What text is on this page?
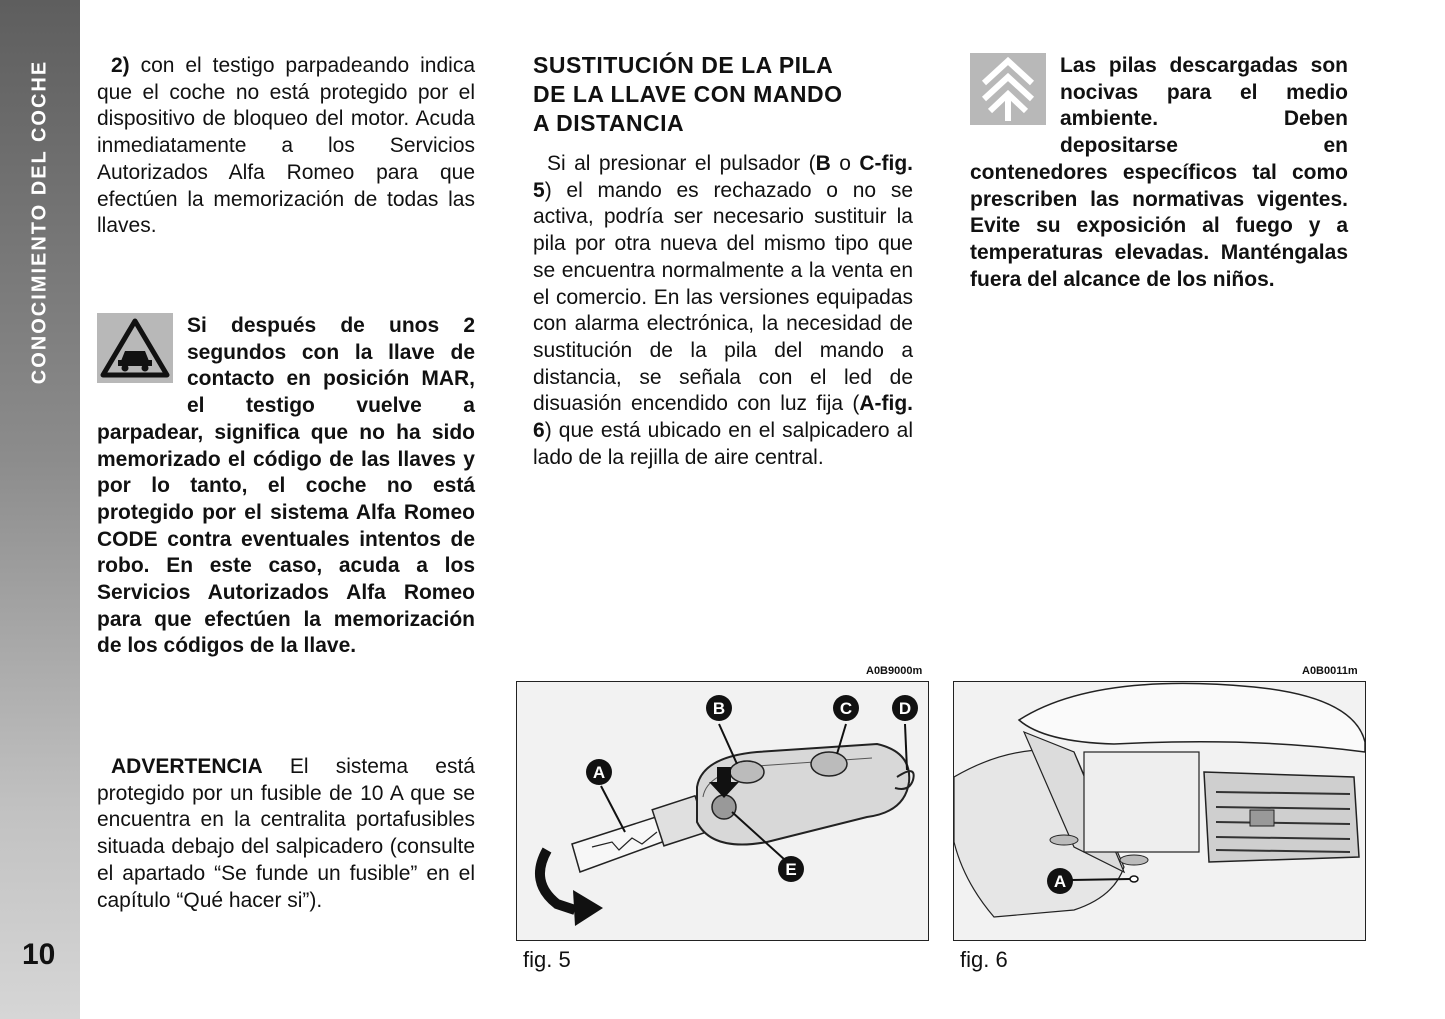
CONOCIMIENTO DEL COCHE
10

2) con el testigo parpadeando indica que el coche no está protegido por el dispositivo de bloqueo del motor. Acuda inmediatamente a los Servicios Autorizados Alfa Romeo para que efectúen la memorización de todas las llaves.

Si después de unos 2 segundos con la llave de contacto en posición MAR, el testigo vuelve a parpadear, significa que no ha sido memorizado el código de las llaves y por lo tanto, el coche no está protegido por el sistema Alfa Romeo CODE contra eventuales intentos de robo. En este caso, acuda a los Servicios Autorizados Alfa Romeo para que efectúen la memorización de los códigos de la llave.

ADVERTENCIA El sistema está protegido por un fusible de 10 A que se encuentra en la centralita portafusibles situada debajo del salpicadero (consulte el apartado “Se funde un fusible” en el capítulo “Qué hacer si”).

SUSTITUCIÓN DE LA PILA
DE LA LLAVE CON MANDO
A DISTANCIA

Si al presionar el pulsador (B o C-fig. 5) el mando es rechazado o no se activa, podría ser necesario sustituir la pila por otra nueva del mismo tipo que se encuentra normalmente a la venta en el comercio. En las versiones equipadas con alarma electrónica, la necesidad de sustitución de la pila del mando a distancia, se señala con el led de disuasión encendido con luz fija (A-fig. 6) que está ubicado en el salpicadero al lado de la rejilla de aire central.

Las pilas descargadas son nocivas para el medio ambiente. Deben depositarse en contenedores específicos tal como prescriben las normativas vigentes. Evite su exposición al fuego y a temperaturas elevadas. Manténgalas fuera del alcance de los niños.
A0B9000m
B	C	D
A
E
fig. 5
A0B0011m
A
fig. 6
